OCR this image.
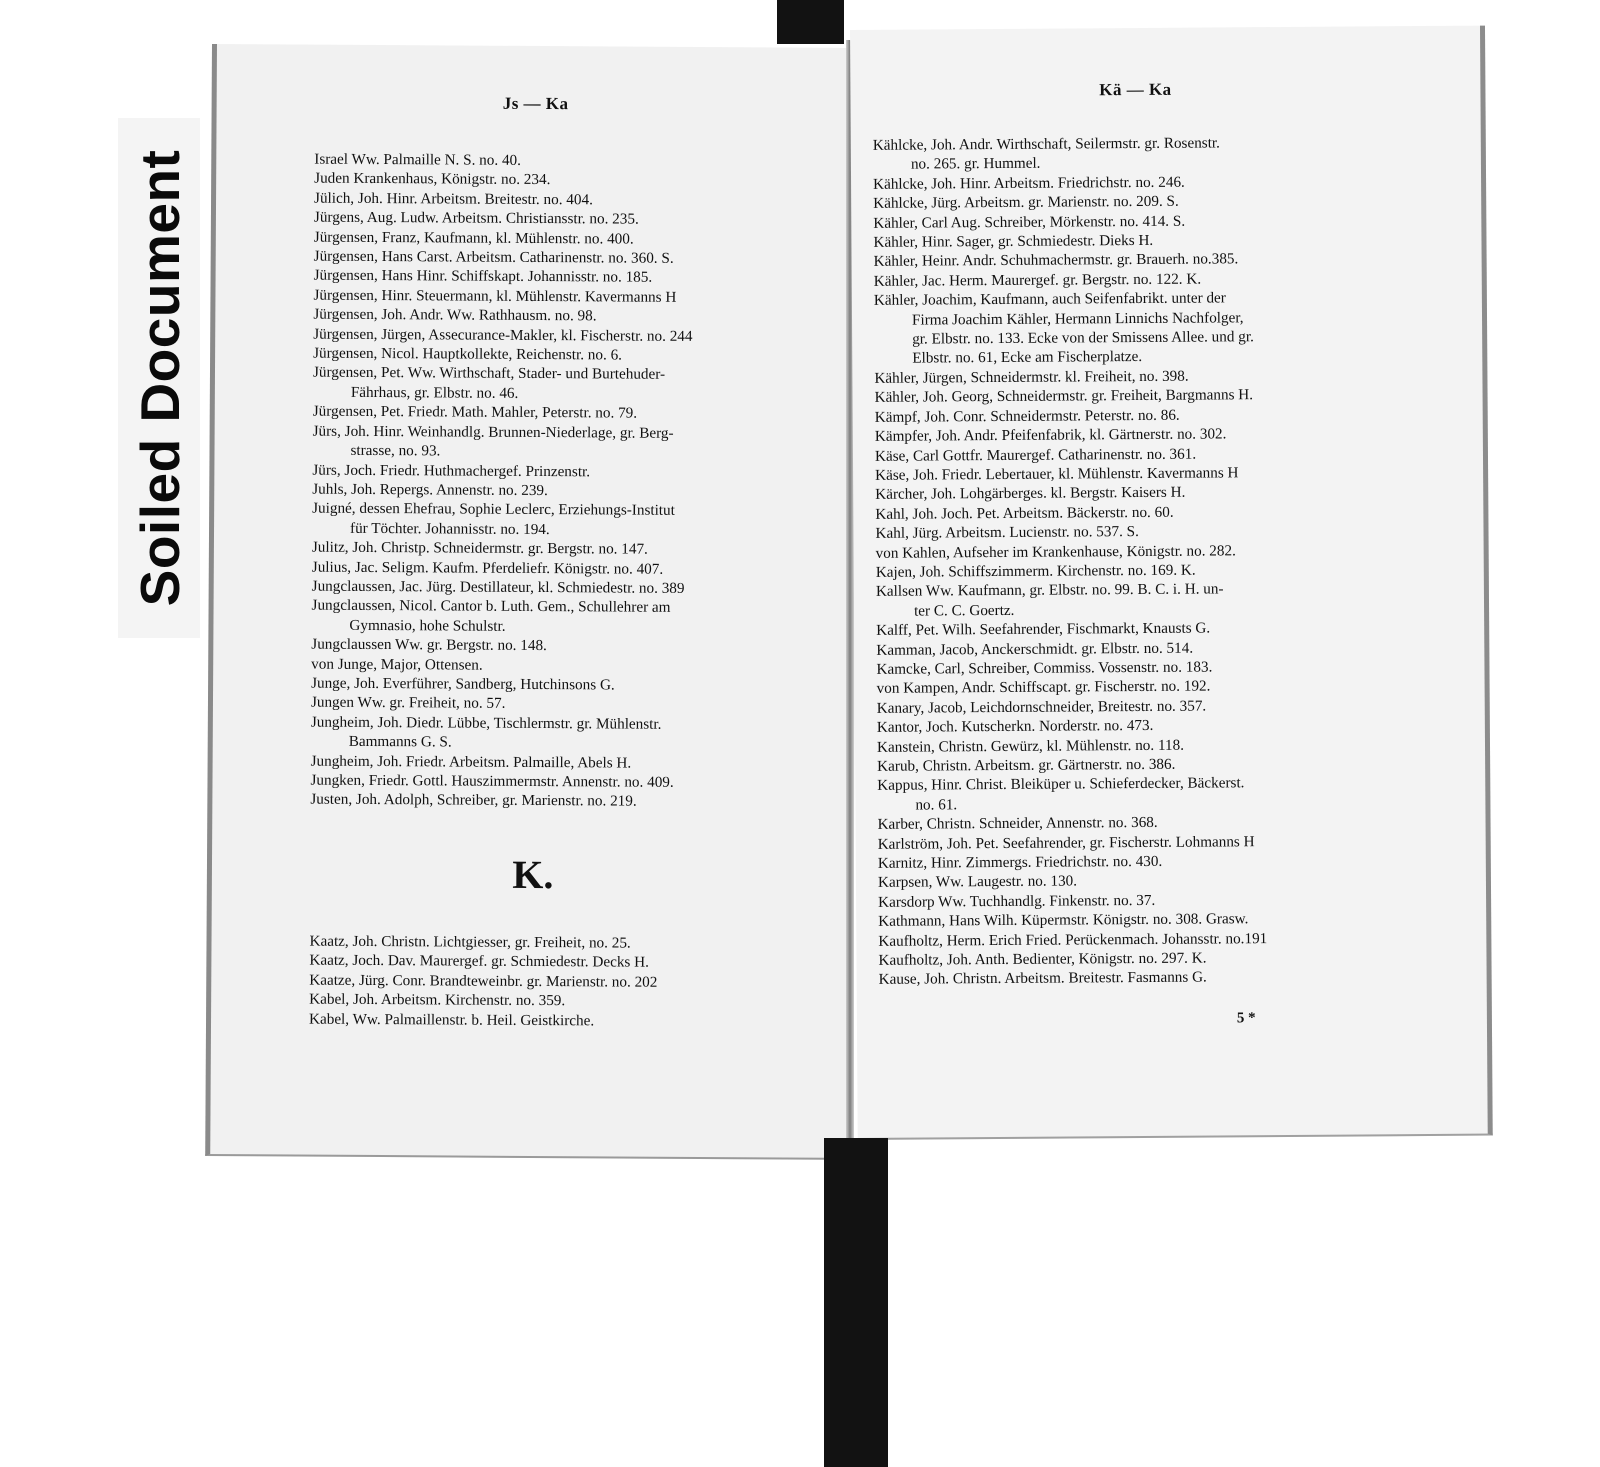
Soiled Document
Js — Ka
Israel Ww. Palmaille N. S. no. 40.
Juden Krankenhaus, Königstr. no. 234.
Jülich, Joh. Hinr. Arbeitsm. Breitestr. no. 404.
Jürgens, Aug. Ludw. Arbeitsm. Christiansstr. no. 235.
Jürgensen, Franz, Kaufmann, kl. Mühlenstr. no. 400.
Jürgensen, Hans Carst. Arbeitsm. Catharinenstr. no. 360. S.
Jürgensen, Hans Hinr. Schiffskapt. Johannisstr. no. 185.
Jürgensen, Hinr. Steuermann, kl. Mühlenstr. Kavermanns H
Jürgensen, Joh. Andr. Ww. Rathhausm. no. 98.
Jürgensen, Jürgen, Assecurance-Makler, kl. Fischerstr. no. 244
Jürgensen, Nicol. Hauptkollekte, Reichenstr. no. 6.
Jürgensen, Pet. Ww. Wirthschaft, Stader- und Burtehuder-
Fährhaus, gr. Elbstr. no. 46.
Jürgensen, Pet. Friedr. Math. Mahler, Peterstr. no. 79.
Jürs, Joh. Hinr. Weinhandlg. Brunnen-Niederlage, gr. Berg-
strasse, no. 93.
Jürs, Joch. Friedr. Huthmachergef. Prinzenstr.
Juhls, Joh. Repergs. Annenstr. no. 239.
Juigné, dessen Ehefrau, Sophie Leclerc, Erziehungs-Institut
für Töchter. Johannisstr. no. 194.
Julitz, Joh. Christp. Schneidermstr. gr. Bergstr. no. 147.
Julius, Jac. Seligm. Kaufm. Pferdeliefr. Königstr. no. 407.
Jungclaussen, Jac. Jürg. Destillateur, kl. Schmiedestr. no. 389
Jungclaussen, Nicol. Cantor b. Luth. Gem., Schullehrer am
Gymnasio, hohe Schulstr.
Jungclaussen Ww. gr. Bergstr. no. 148.
von Junge, Major, Ottensen.
Junge, Joh. Everführer, Sandberg, Hutchinsons G.
Jungen Ww. gr. Freiheit, no. 57.
Jungheim, Joh. Diedr. Lübbe, Tischlermstr. gr. Mühlenstr.
Bammanns G. S.
Jungheim, Joh. Friedr. Arbeitsm. Palmaille, Abels H.
Jungken, Friedr. Gottl. Hauszimmermstr. Annenstr. no. 409.
Justen, Joh. Adolph, Schreiber, gr. Marienstr. no. 219.
K.
Kaatz, Joh. Christn. Lichtgiesser, gr. Freiheit, no. 25.
Kaatz, Joch. Dav. Maurergef. gr. Schmiedestr. Decks H.
Kaatze, Jürg. Conr. Brandteweinbr. gr. Marienstr. no. 202
Kabel, Joh. Arbeitsm. Kirchenstr. no. 359.
Kabel, Ww. Palmaillenstr. b. Heil. Geistkirche.
Kä — Ka
Kählcke, Joh. Andr. Wirthschaft, Seilermstr. gr. Rosenstr.
no. 265. gr. Hummel.
Kählcke, Joh. Hinr. Arbeitsm. Friedrichstr. no. 246.
Kählcke, Jürg. Arbeitsm. gr. Marienstr. no. 209. S.
Kähler, Carl Aug. Schreiber, Mörkenstr. no. 414. S.
Kähler, Hinr. Sager, gr. Schmiedestr. Dieks H.
Kähler, Heinr. Andr. Schuhmachermstr. gr. Brauerh. no.385.
Kähler, Jac. Herm. Maurergef. gr. Bergstr. no. 122. K.
Kähler, Joachim, Kaufmann, auch Seifenfabrikt. unter der
Firma Joachim Kähler, Hermann Linnichs Nachfolger,
gr. Elbstr. no. 133. Ecke von der Smissens Allee. und gr.
Elbstr. no. 61, Ecke am Fischerplatze.
Kähler, Jürgen, Schneidermstr. kl. Freiheit, no. 398.
Kähler, Joh. Georg, Schneidermstr. gr. Freiheit, Bargmanns H.
Kämpf, Joh. Conr. Schneidermstr. Peterstr. no. 86.
Kämpfer, Joh. Andr. Pfeifenfabrik, kl. Gärtnerstr. no. 302.
Käse, Carl Gottfr. Maurergef. Catharinenstr. no. 361.
Käse, Joh. Friedr. Lebertauer, kl. Mühlenstr. Kavermanns H
Kärcher, Joh. Lohgärberges. kl. Bergstr. Kaisers H.
Kahl, Joh. Joch. Pet. Arbeitsm. Bäckerstr. no. 60.
Kahl, Jürg. Arbeitsm. Lucienstr. no. 537. S.
von Kahlen, Aufseher im Krankenhause, Königstr. no. 282.
Kajen, Joh. Schiffszimmerm. Kirchenstr. no. 169. K.
Kallsen Ww. Kaufmann, gr. Elbstr. no. 99. B. C. i. H. un-
ter C. C. Goertz.
Kalff, Pet. Wilh. Seefahrender, Fischmarkt, Knausts G.
Kamman, Jacob, Anckerschmidt. gr. Elbstr. no. 514.
Kamcke, Carl, Schreiber, Commiss. Vossenstr. no. 183.
von Kampen, Andr. Schiffscapt. gr. Fischerstr. no. 192.
Kanary, Jacob, Leichdornschneider, Breitestr. no. 357.
Kantor, Joch. Kutscherkn. Norderstr. no. 473.
Kanstein, Christn. Gewürz, kl. Mühlenstr. no. 118.
Karub, Christn. Arbeitsm. gr. Gärtnerstr. no. 386.
Kappus, Hinr. Christ. Bleiküper u. Schieferdecker, Bäckerst.
no. 61.
Karber, Christn. Schneider, Annenstr. no. 368.
Karlström, Joh. Pet. Seefahrender, gr. Fischerstr. Lohmanns H
Karnitz, Hinr. Zimmergs. Friedrichstr. no. 430.
Karpsen, Ww. Laugestr. no. 130.
Karsdorp Ww. Tuchhandlg. Finkenstr. no. 37.
Kathmann, Hans Wilh. Küpermstr. Königstr. no. 308. Grasw.
Kaufholtz, Herm. Erich Fried. Perückenmach. Johansstr. no.191
Kaufholtz, Joh. Anth. Bedienter, Königstr. no. 297. K.
Kause, Joh. Christn. Arbeitsm. Breitestr. Fasmanns G.
5 *
